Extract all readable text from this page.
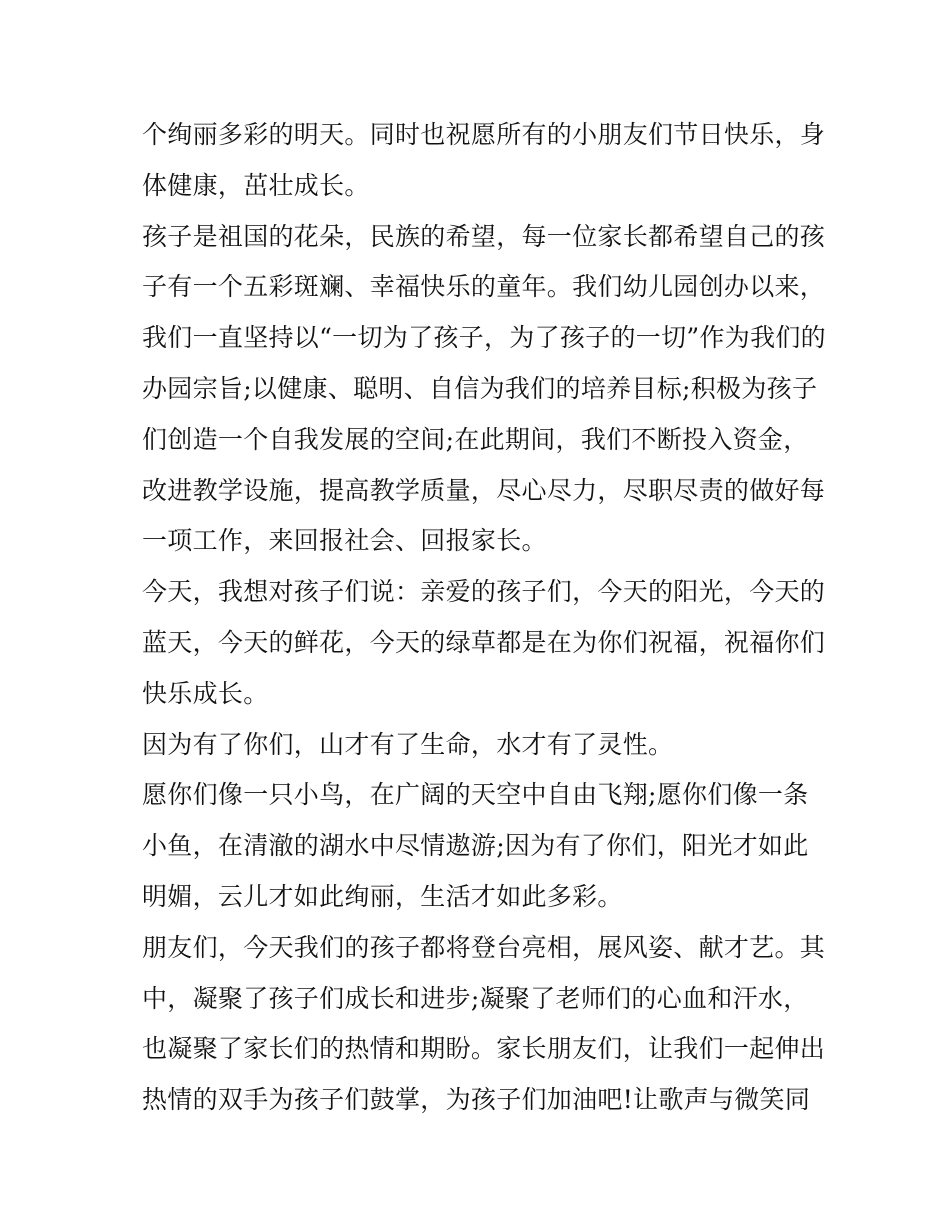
个绚丽多彩的明天。同时也祝愿所有的小朋友们节日快乐，身
体健康，茁壮成长。
孩子是祖国的花朵，民族的希望，每一位家长都希望自己的孩
子有一个五彩斑斓、幸福快乐的童年。我们幼儿园创办以来，
我们一直坚持以“一切为了孩子，为了孩子的一切”作为我们的
办园宗旨;以健康、聪明、自信为我们的培养目标;积极为孩子
们创造一个自我发展的空间;在此期间，我们不断投入资金，
改进教学设施，提高教学质量，尽心尽力，尽职尽责的做好每
一项工作，来回报社会、回报家长。
今天，我想对孩子们说：亲爱的孩子们，今天的阳光，今天的
蓝天，今天的鲜花，今天的绿草都是在为你们祝福，祝福你们
快乐成长。
因为有了你们，山才有了生命，水才有了灵性。
愿你们像一只小鸟，在广阔的天空中自由飞翔;愿你们像一条
小鱼，在清澈的湖水中尽情遨游;因为有了你们，阳光才如此
明媚，云儿才如此绚丽，生活才如此多彩。
朋友们，今天我们的孩子都将登台亮相，展风姿、献才艺。其
中，凝聚了孩子们成长和进步;凝聚了老师们的心血和汗水，
也凝聚了家长们的热情和期盼。家长朋友们，让我们一起伸出
热情的双手为孩子们鼓掌，为孩子们加油吧!让歌声与微笑同
